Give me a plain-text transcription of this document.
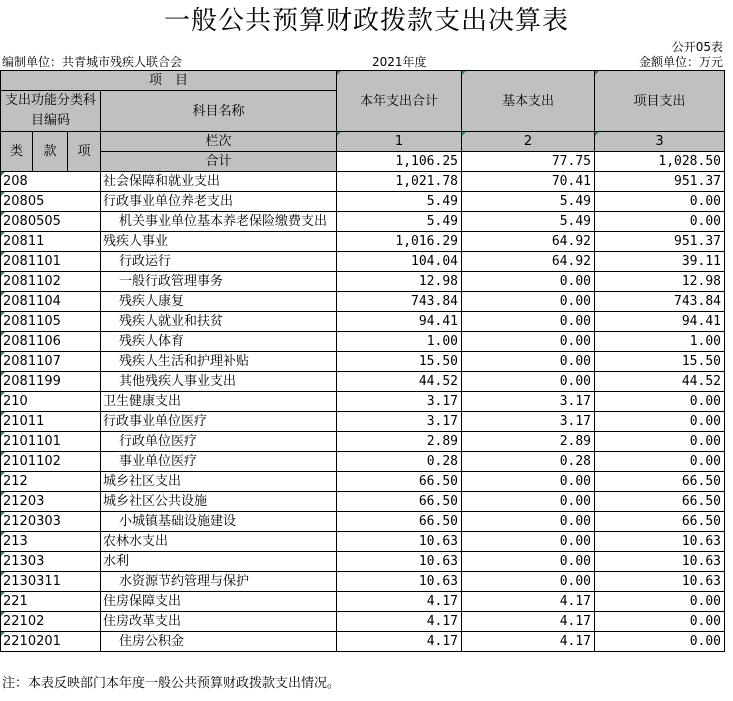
一般公共预算财政拨款支出决算表
公开05表
编制单位：共青城市残疾人联合会	2021年度	金额单位：万元
项　目				本年支出合计	基本支出	项目支出
支出功能分类科目编码			科目名称			

类	款	项	栏次	1	2	3
			合计	1,106.25	77.75	1,028.50
208			社会保障和就业支出	1,021.78	70.41	951.37
20805			行政事业单位养老支出	5.49	5.49	0.00
2080505			机关事业单位基本养老保险缴费支出	5.49	5.49	0.00
20811			残疾人事业	1,016.29	64.92	951.37
2081101			行政运行	104.04	64.92	39.11
2081102			一般行政管理事务	12.98	0.00	12.98
2081104			残疾人康复	743.84	0.00	743.84
2081105			残疾人就业和扶贫	94.41	0.00	94.41
2081106			残疾人体育	1.00	0.00	1.00
2081107			残疾人生活和护理补贴	15.50	0.00	15.50
2081199			其他残疾人事业支出	44.52	0.00	44.52
210			卫生健康支出	3.17	3.17	0.00
21011			行政事业单位医疗	3.17	3.17	0.00
2101101			行政单位医疗	2.89	2.89	0.00
2101102			事业单位医疗	0.28	0.28	0.00
212			城乡社区支出	66.50	0.00	66.50
21203			城乡社区公共设施	66.50	0.00	66.50
2120303			小城镇基础设施建设	66.50	0.00	66.50
213			农林水支出	10.63	0.00	10.63
21303			水利	10.63	0.00	10.63
2130311			水资源节约管理与保护	10.63	0.00	10.63
221			住房保障支出	4.17	4.17	0.00
22102			住房改革支出	4.17	4.17	0.00
2210201			住房公积金	4.17	4.17	0.00
注：本表反映部门本年度一般公共预算财政拨款支出情况。
